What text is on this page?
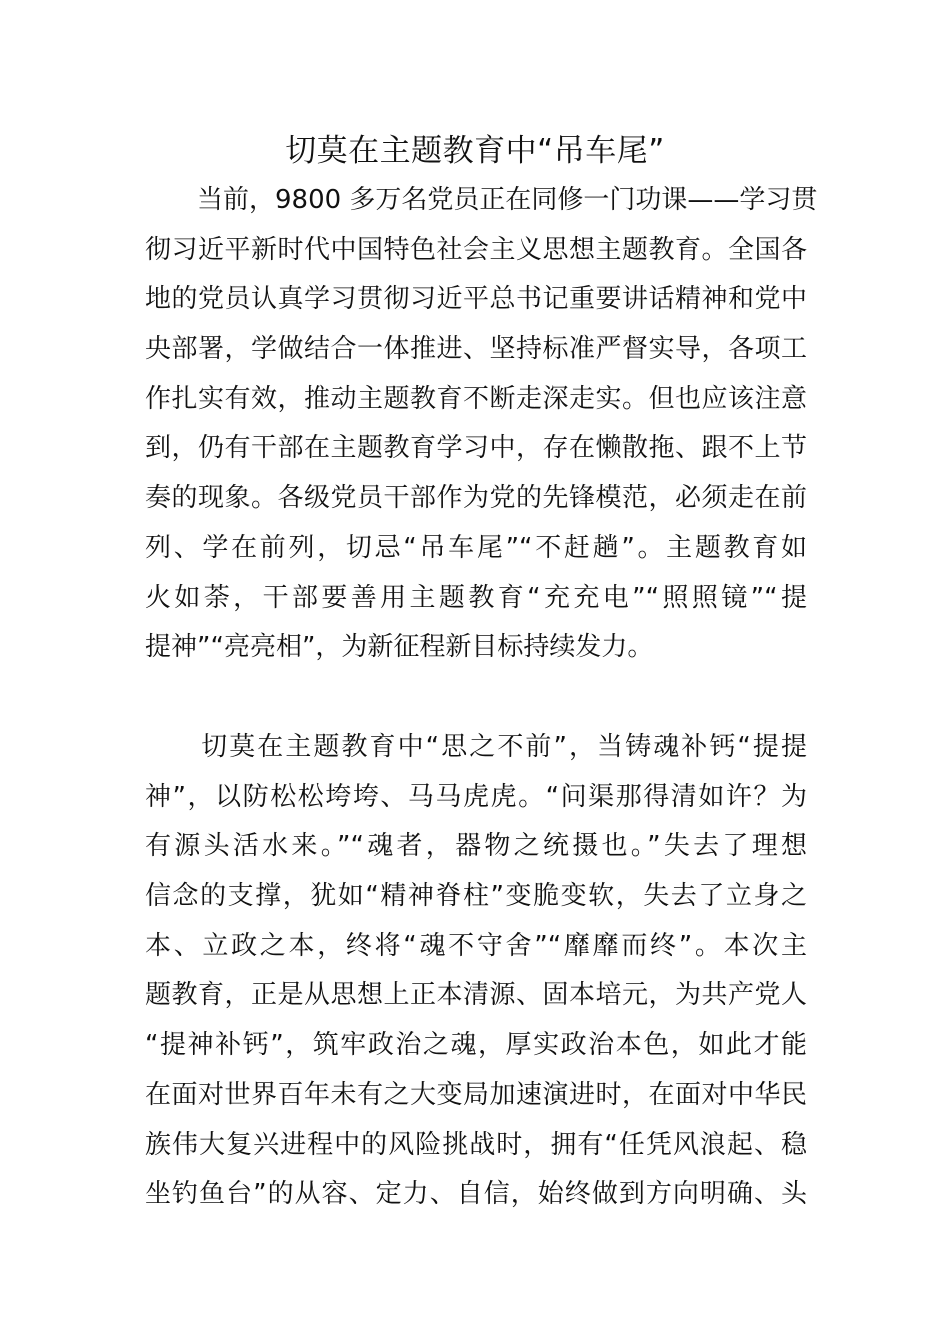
切莫在主题教育中“吊车尾”
　　当前，9800 多万名党员正在同修一门功课——学习贯
彻习近平新时代中国特色社会主义思想主题教育。全国各
地的党员认真学习贯彻习近平总书记重要讲话精神和党中
央部署，学做结合一体推进、坚持标准严督实导，各项工
作扎实有效，推动主题教育不断走深走实。但也应该注意
到，仍有干部在主题教育学习中，存在懒散拖、跟不上节
奏的现象。各级党员干部作为党的先锋模范，必须走在前
列、学在前列，切忌“吊车尾”“不赶趟”。主题教育如
火如荼，干部要善用主题教育“充充电”“照照镜”“提
提神”“亮亮相”，为新征程新目标持续发力。
　　切莫在主题教育中“思之不前”，当铸魂补钙“提提
神”，以防松松垮垮、马马虎虎。“问渠那得清如许？为
有源头活水来。”“魂者，器物之统摄也。”失去了理想
信念的支撑，犹如“精神脊柱”变脆变软，失去了立身之
本、立政之本，终将“魂不守舍”“靡靡而终”。本次主
题教育，正是从思想上正本清源、固本培元，为共产党人
“提神补钙”，筑牢政治之魂，厚实政治本色，如此才能
在面对世界百年未有之大变局加速演进时，在面对中华民
族伟大复兴进程中的风险挑战时，拥有“任凭风浪起、稳
坐钓鱼台”的从容、定力、自信，始终做到方向明确、头
